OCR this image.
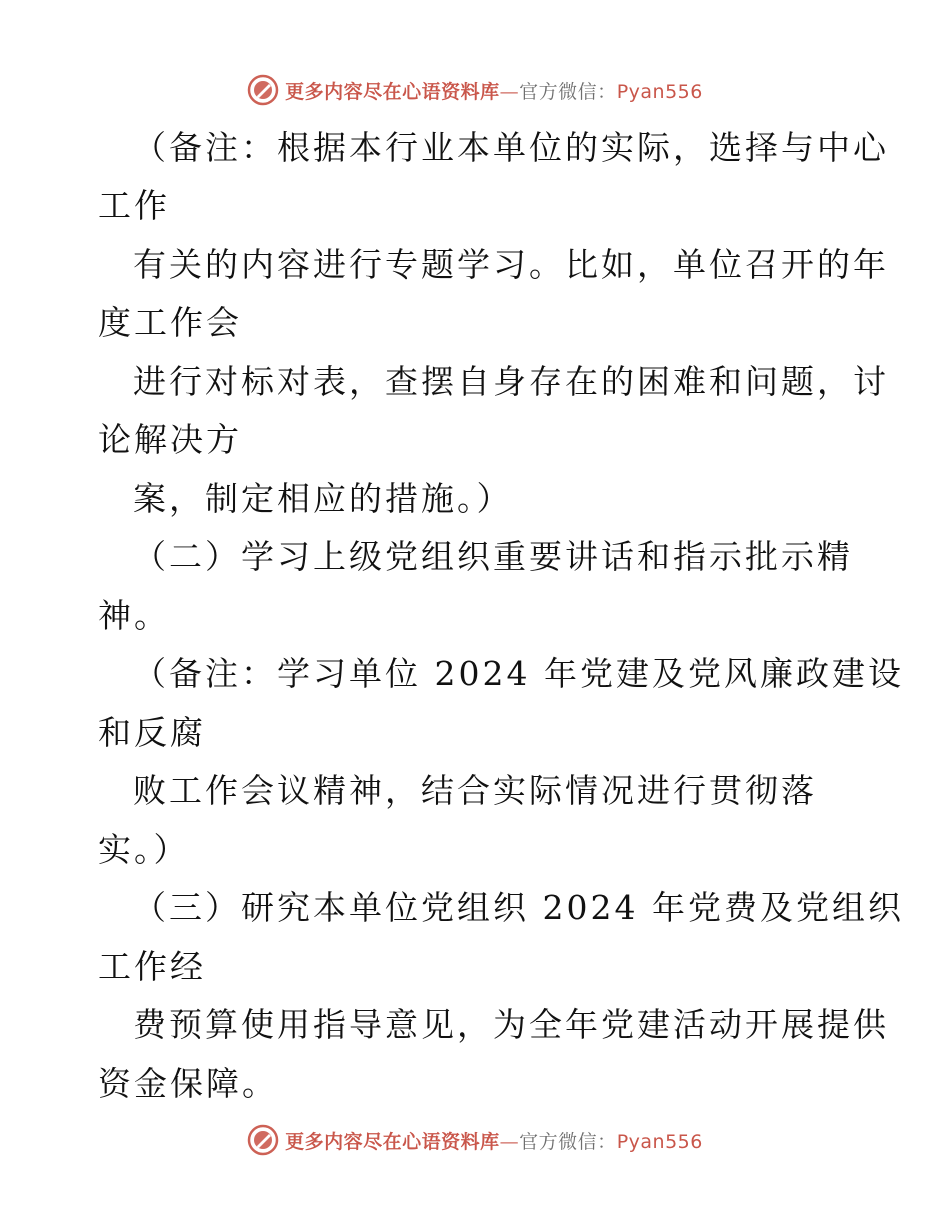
更多内容尽在心语资料库 — 官方微信： Pyan556
（备注：根据本行业本单位的实际，选择与中心
工作
有关的内容进行专题学习。比如，单位召开的年
度工作会
进行对标对表，查摆自身存在的困难和问题，讨
论解决方
案，制定相应的措施。）
（二）学习上级党组织重要讲话和指示批示精
神。
（备注：学习单位 2024 年党建及党风廉政建设
和反腐
败工作会议精神，结合实际情况进行贯彻落
实。）
（三）研究本单位党组织 2024 年党费及党组织
工作经
费预算使用指导意见，为全年党建活动开展提供
资金保障。
更多内容尽在心语资料库 — 官方微信： Pyan556
